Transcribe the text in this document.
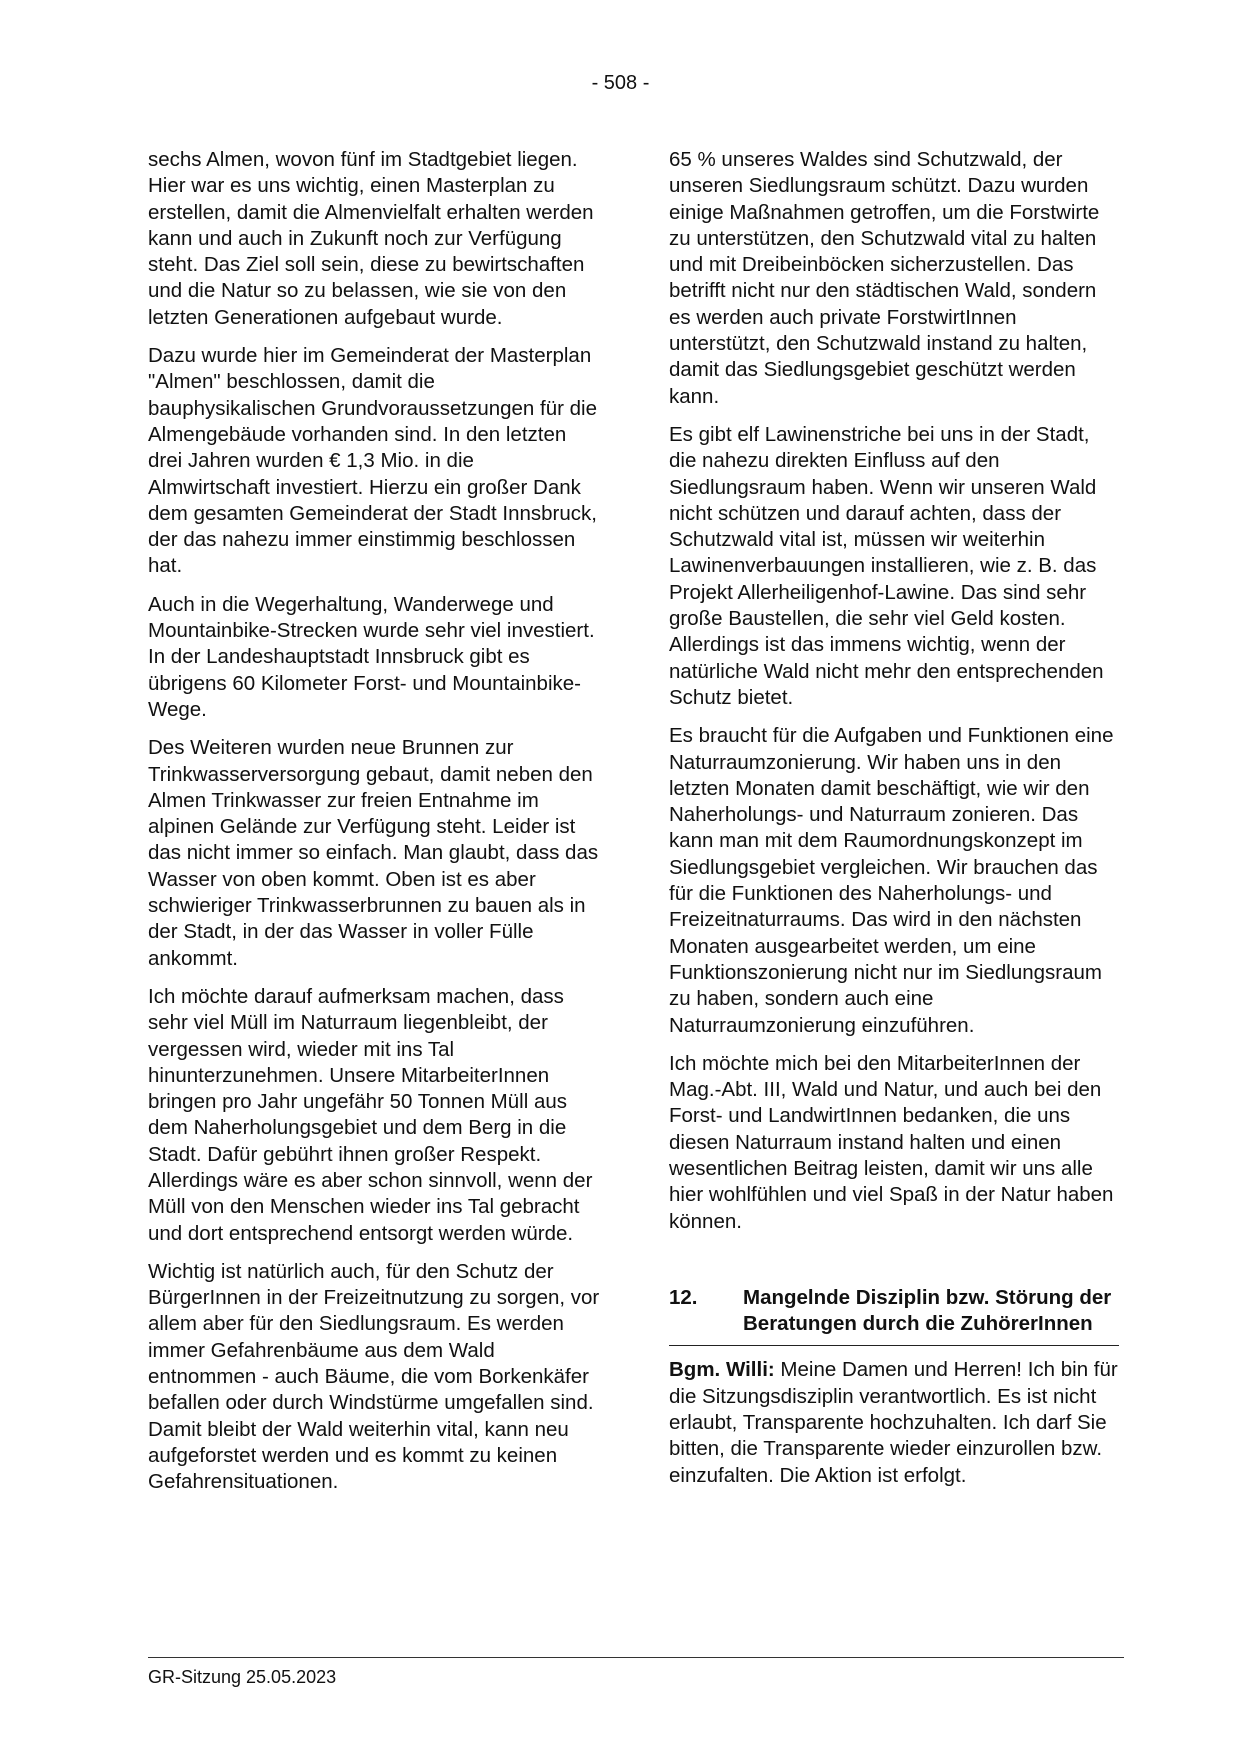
- 508 -

sechs Almen, wovon fünf im Stadtgebiet liegen. Hier war es uns wichtig, einen Masterplan zu erstellen, damit die Almenvielfalt erhalten werden kann und auch in Zukunft noch zur Verfügung steht. Das Ziel soll sein, diese zu bewirtschaften und die Natur so zu belassen, wie sie von den letzten Generationen aufgebaut wurde.

Dazu wurde hier im Gemeinderat der Masterplan "Almen" beschlossen, damit die bauphysikalischen Grundvoraussetzungen für die Almengebäude vorhanden sind. In den letzten drei Jahren wurden € 1,3 Mio. in die Almwirtschaft investiert. Hierzu ein großer Dank dem gesamten Gemeinderat der Stadt Innsbruck, der das nahezu immer einstimmig beschlossen hat.

Auch in die Wegerhaltung, Wanderwege und Mountainbike-Strecken wurde sehr viel investiert. In der Landeshauptstadt Innsbruck gibt es übrigens 60 Kilometer Forst- und Mountainbike-Wege.

Des Weiteren wurden neue Brunnen zur Trinkwasserversorgung gebaut, damit neben den Almen Trinkwasser zur freien Entnahme im alpinen Gelände zur Verfügung steht. Leider ist das nicht immer so einfach. Man glaubt, dass das Wasser von oben kommt. Oben ist es aber schwieriger Trinkwasserbrunnen zu bauen als in der Stadt, in der das Wasser in voller Fülle ankommt.

Ich möchte darauf aufmerksam machen, dass sehr viel Müll im Naturraum liegenbleibt, der vergessen wird, wieder mit ins Tal hinunterzunehmen. Unsere MitarbeiterInnen bringen pro Jahr ungefähr 50 Tonnen Müll aus dem Naherholungsgebiet und dem Berg in die Stadt. Dafür gebührt ihnen großer Respekt. Allerdings wäre es aber schon sinnvoll, wenn der Müll von den Menschen wieder ins Tal gebracht und dort entsprechend entsorgt werden würde.

Wichtig ist natürlich auch, für den Schutz der BürgerInnen in der Freizeitnutzung zu sorgen, vor allem aber für den Siedlungsraum. Es werden immer Gefahrenbäume aus dem Wald entnommen - auch Bäume, die vom Borkenkäfer befallen oder durch Windstürme umgefallen sind. Damit bleibt der Wald weiterhin vital, kann neu aufgeforstet werden und es kommt zu keinen Gefahrensituationen.

65 % unseres Waldes sind Schutzwald, der unseren Siedlungsraum schützt. Dazu wurden einige Maßnahmen getroffen, um die Forstwirte zu unterstützen, den Schutzwald vital zu halten und mit Dreibeinböcken sicherzustellen. Das betrifft nicht nur den städtischen Wald, sondern es werden auch private ForstwirtInnen unterstützt, den Schutzwald instand zu halten, damit das Siedlungsgebiet geschützt werden kann.

Es gibt elf Lawinenstriche bei uns in der Stadt, die nahezu direkten Einfluss auf den Siedlungsraum haben. Wenn wir unseren Wald nicht schützen und darauf achten, dass der Schutzwald vital ist, müssen wir weiterhin Lawinenverbauungen installieren, wie z. B. das Projekt Allerheiligenhof-Lawine. Das sind sehr große Baustellen, die sehr viel Geld kosten. Allerdings ist das immens wichtig, wenn der natürliche Wald nicht mehr den entsprechenden Schutz bietet.

Es braucht für die Aufgaben und Funktionen eine Naturraumzonierung. Wir haben uns in den letzten Monaten damit beschäftigt, wie wir den Naherholungs- und Naturraum zonieren. Das kann man mit dem Raumordnungskonzept im Siedlungsgebiet vergleichen. Wir brauchen das für die Funktionen des Naherholungs- und Freizeitnaturraums. Das wird in den nächsten Monaten ausgearbeitet werden, um eine Funktionszonierung nicht nur im Siedlungsraum zu haben, sondern auch eine Naturraumzonierung einzuführen.

Ich möchte mich bei den MitarbeiterInnen der Mag.-Abt. III, Wald und Natur, und auch bei den Forst- und LandwirtInnen bedanken, die uns diesen Naturraum instand halten und einen wesentlichen Beitrag leisten, damit wir uns alle hier wohlfühlen und viel Spaß in der Natur haben können.

12.	Mangelnde Disziplin bzw. Störung der Beratungen durch die ZuhörerInnen

Bgm. Willi: Meine Damen und Herren! Ich bin für die Sitzungsdisziplin verantwortlich. Es ist nicht erlaubt, Transparente hochzuhalten. Ich darf Sie bitten, die Transparente wieder einzurollen bzw. einzufalten. Die Aktion ist erfolgt.

GR-Sitzung 25.05.2023
